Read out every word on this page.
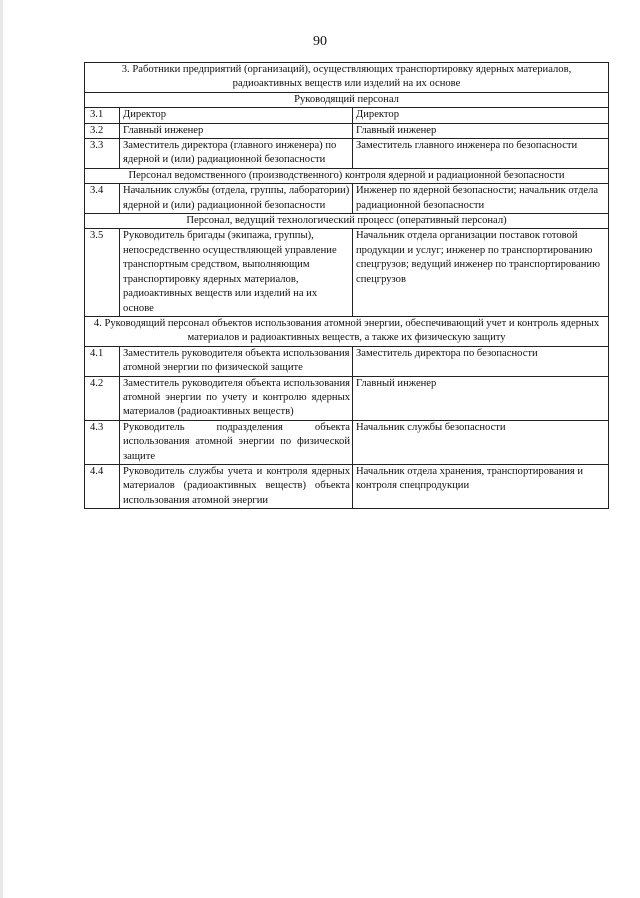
90
3. Работники предприятий (организаций), осуществляющих транспортировку ядерных материалов, радиоактивных веществ или изделий на их основе		
Руководящий персонал		
3.1	Директор	Директор
3.2	Главный инженер	Главный инженер
3.3	Заместитель директора (главного инженера) по ядерной и (или) радиационной безопасности	Заместитель главного инженера по безопасности
Персонал ведомственного (производственного) контроля ядерной и радиационной безопасности		
3.4	Начальник службы (отдела, группы, лаборатории) ядерной и (или) радиационной безопасности	Инженер по ядерной безопасности; начальник отдела радиационной безопасности
Персонал, ведущий технологический процесс (оперативный персонал)		
3.5	Руководитель бригады (экипажа, группы), непосредственно осуществляющей управление транспортным средством, выполняющим транспортировку ядерных материалов, радиоактивных веществ или изделий на их основе	Начальник отдела организации поставок готовой продукции и услуг; инженер по транспортированию спецгрузов; ведущий инженер по транспортированию спецгрузов
4. Руководящий персонал объектов использования атомной энергии, обеспечивающий учет и контроль ядерных материалов и радиоактивных веществ, а также их физическую защиту		
4.1	Заместитель руководителя объекта использования атомной энергии по физической защите	Заместитель директора по безопасности
4.2	Заместитель руководителя объекта использования атомной энергии по учету и контролю ядерных материалов (радиоактивных веществ)	Главный инженер
4.3	Руководитель подразделения объекта использования атомной энергии по физической защите	Начальник службы безопасности
4.4	Руководитель службы учета и контроля ядерных материалов (радиоактивных веществ) объекта использования атомной энергии	Начальник отдела хранения, транспортирования и контроля спецпродукции
